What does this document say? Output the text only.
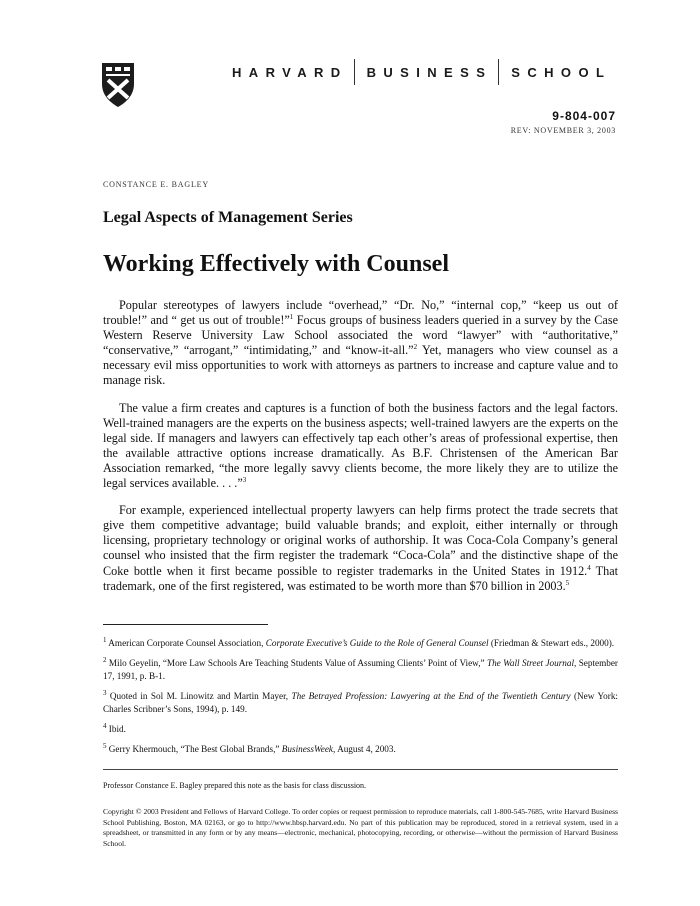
HARVARD BUSINESS SCHOOL
9-804-007
REV: NOVEMBER 3, 2003
CONSTANCE E. BAGLEY
Legal Aspects of Management Series
Working Effectively with Counsel

Popular stereotypes of lawyers include “overhead,” “Dr. No,” “internal cop,” “keep us out of trouble!” and “ get us out of trouble!”$^1$ Focus groups of business leaders queried in a survey by the Case Western Reserve University Law School associated the word “lawyer” with “authoritative,” “conservative,” “arrogant,” “intimidating,” and “know-it-all.”$^2$ Yet, managers who view counsel as a necessary evil miss opportunities to work with attorneys as partners to increase and capture value and to manage risk.

The value a firm creates and captures is a function of both the business factors and the legal factors. Well-trained managers are the experts on the business aspects; well-trained lawyers are the experts on the legal side. If managers and lawyers can effectively tap each other’s areas of professional expertise, then the available attractive options increase dramatically. As B.F. Christensen of the American Bar Association remarked, “the more legally savvy clients become, the more likely they are to utilize the legal services available. . . .”$^3$

For example, experienced intellectual property lawyers can help firms protect the trade secrets that give them competitive advantage; build valuable brands; and exploit, either internally or through licensing, proprietary technology or original works of authorship. It was Coca-Cola Company’s general counsel who insisted that the firm register the trademark “Coca-Cola” and the distinctive shape of the Coke bottle when it first became possible to register trademarks in the United States in 1912.$^4$ That trademark, one of the first registered, was estimated to be worth more than $70 billion in 2003.$^5$

$^1$ American Corporate Counsel Association, Corporate Executive’s Guide to the Role of General Counsel (Friedman & Stewart eds., 2000).
$^2$ Milo Geyelin, “More Law Schools Are Teaching Students Value of Assuming Clients’ Point of View,” The Wall Street Journal, September 17, 1991, p. B-1.
$^3$ Quoted in Sol M. Linowitz and Martin Mayer, The Betrayed Profession: Lawyering at the End of the Twentieth Century (New York: Charles Scribner’s Sons, 1994), p. 149.
$^4$ Ibid.
$^5$ Gerry Khermouch, “The Best Global Brands,” BusinessWeek, August 4, 2003.
Professor Constance E. Bagley prepared this note as the basis for class discussion.
Copyright © 2003 President and Fellows of Harvard College. To order copies or request permission to reproduce materials, call 1-800-545-7685, write Harvard Business School Publishing, Boston, MA 02163, or go to http://www.hbsp.harvard.edu. No part of this publication may be reproduced, stored in a retrieval system, used in a spreadsheet, or transmitted in any form or by any means—electronic, mechanical, photocopying, recording, or otherwise—without the permission of Harvard Business School.
